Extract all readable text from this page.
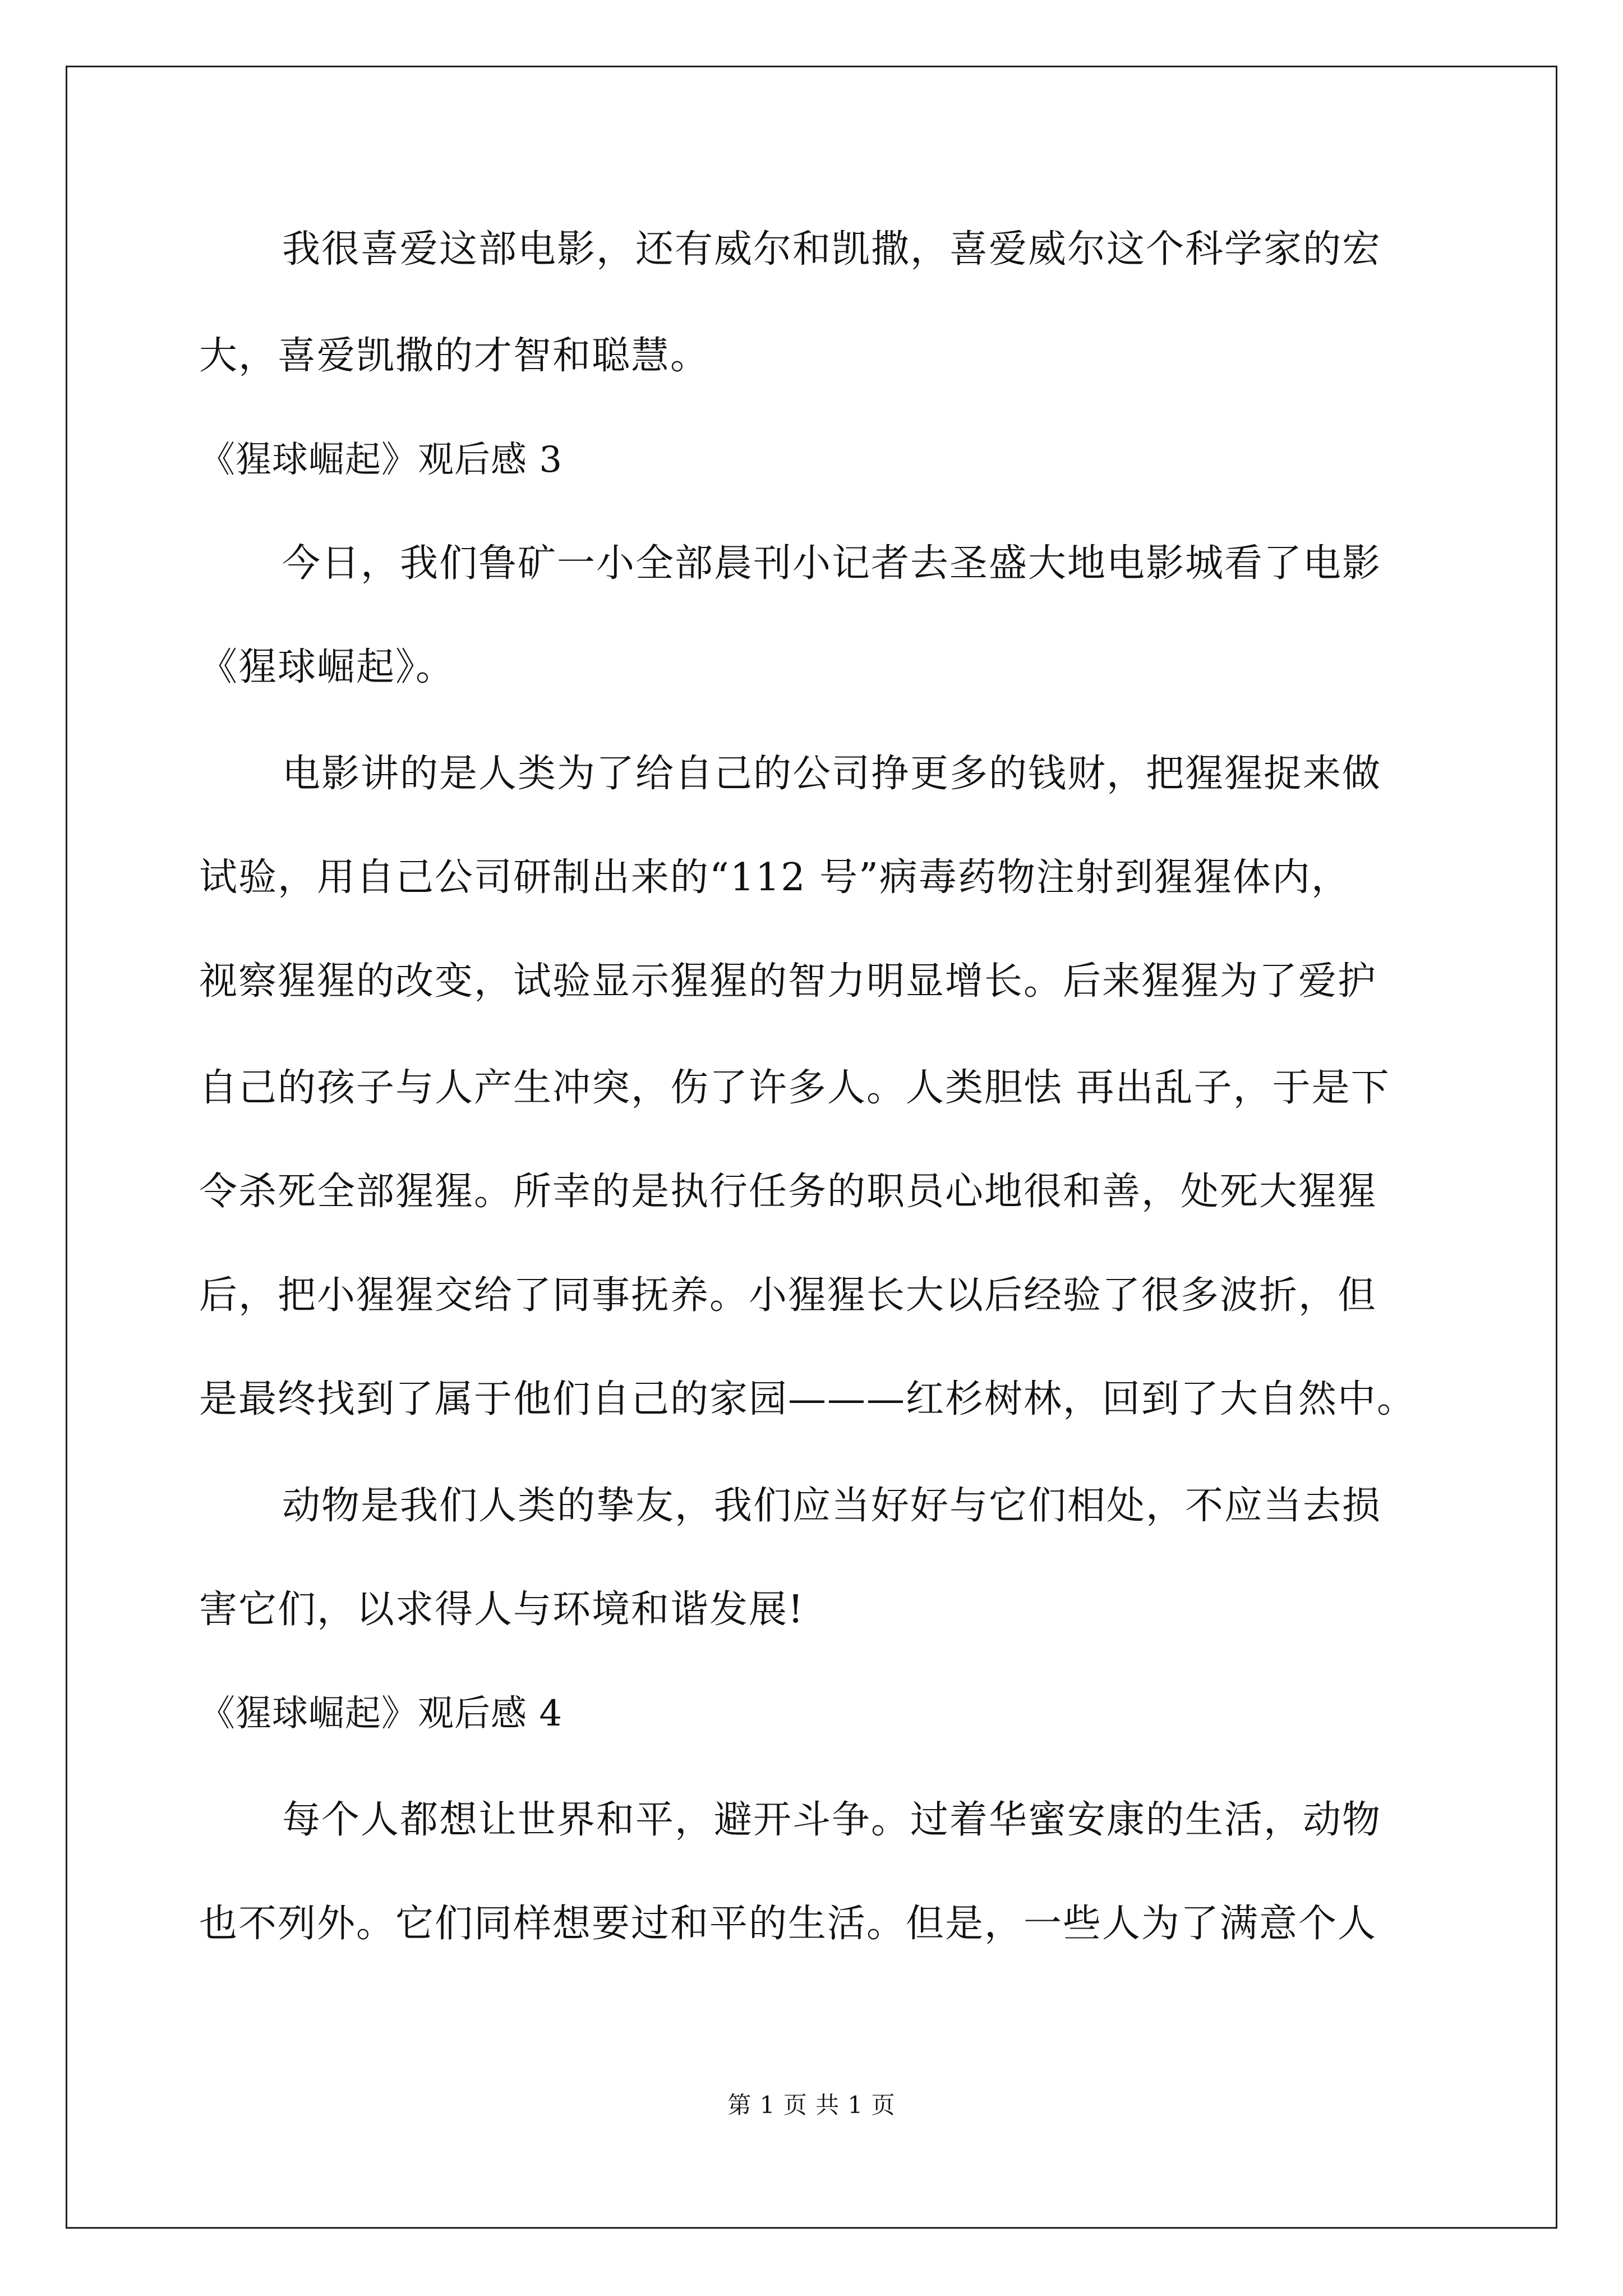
我很喜爱这部电影，还有威尔和凯撒，喜爱威尔这个科学家的宏
大，喜爱凯撒的才智和聪慧。
《猩球崛起》观后感 3
今日，我们鲁矿一小全部晨刊小记者去圣盛大地电影城看了电影
《猩球崛起》。
电影讲的是人类为了给自己的公司挣更多的钱财，把猩猩捉来做
试验，用自己公司研制出来的“112 号”病毒药物注射到猩猩体内，
视察猩猩的改变，试验显示猩猩的智力明显增长。后来猩猩为了爱护
自己的孩子与人产生冲突，伤了许多人。人类胆怯 再出乱子，于是下
令杀死全部猩猩。所幸的是执行任务的职员心地很和善，处死大猩猩
后，把小猩猩交给了同事抚养。小猩猩长大以后经验了很多波折，但
是最终找到了属于他们自己的家园———红杉树林，回到了大自然中。
动物是我们人类的挚友，我们应当好好与它们相处，不应当去损
害它们，以求得人与环境和谐发展!
《猩球崛起》观后感 4
每个人都想让世界和平，避开斗争。过着华蜜安康的生活，动物
也不列外。它们同样想要过和平的生活。但是，一些人为了满意个人
第 1 页 共 1 页
